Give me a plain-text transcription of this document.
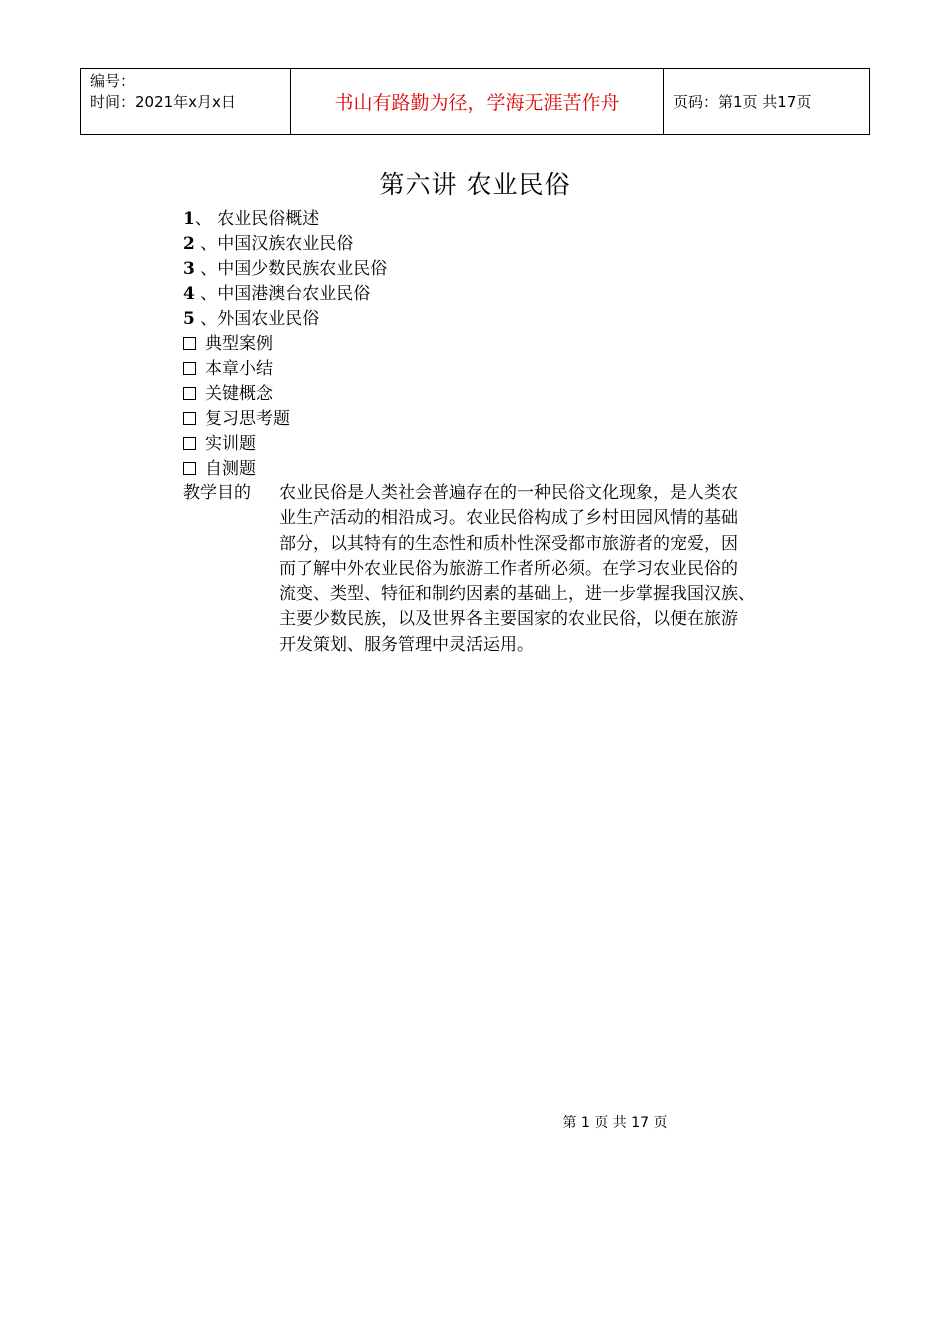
编号：
时间：2021年x月x日	书山有路勤为径，学海无涯苦作舟	页码：第1页 共17页
第六讲 农业民俗
1、 农业民俗概述
2 、中国汉族农业民俗
3 、中国少数民族农业民俗
4 、中国港澳台农业民俗
5 、外国农业民俗
典型案例
本章小结
关键概念
复习思考题
实训题
自测题
教学目的 农业民俗是人类社会普遍存在的一种民俗文化现象，是人类农
业生产活动的相沿成习。农业民俗构成了乡村田园风情的基础
部分，以其特有的生态性和质朴性深受都市旅游者的宠爱，因
而了解中外农业民俗为旅游工作者所必须。在学习农业民俗的
流变、类型、特征和制约因素的基础上，进一步掌握我国汉族、
主要少数民族，以及世界各主要国家的农业民俗，以便在旅游
开发策划、服务管理中灵活运用。
第 1 页 共 17 页
